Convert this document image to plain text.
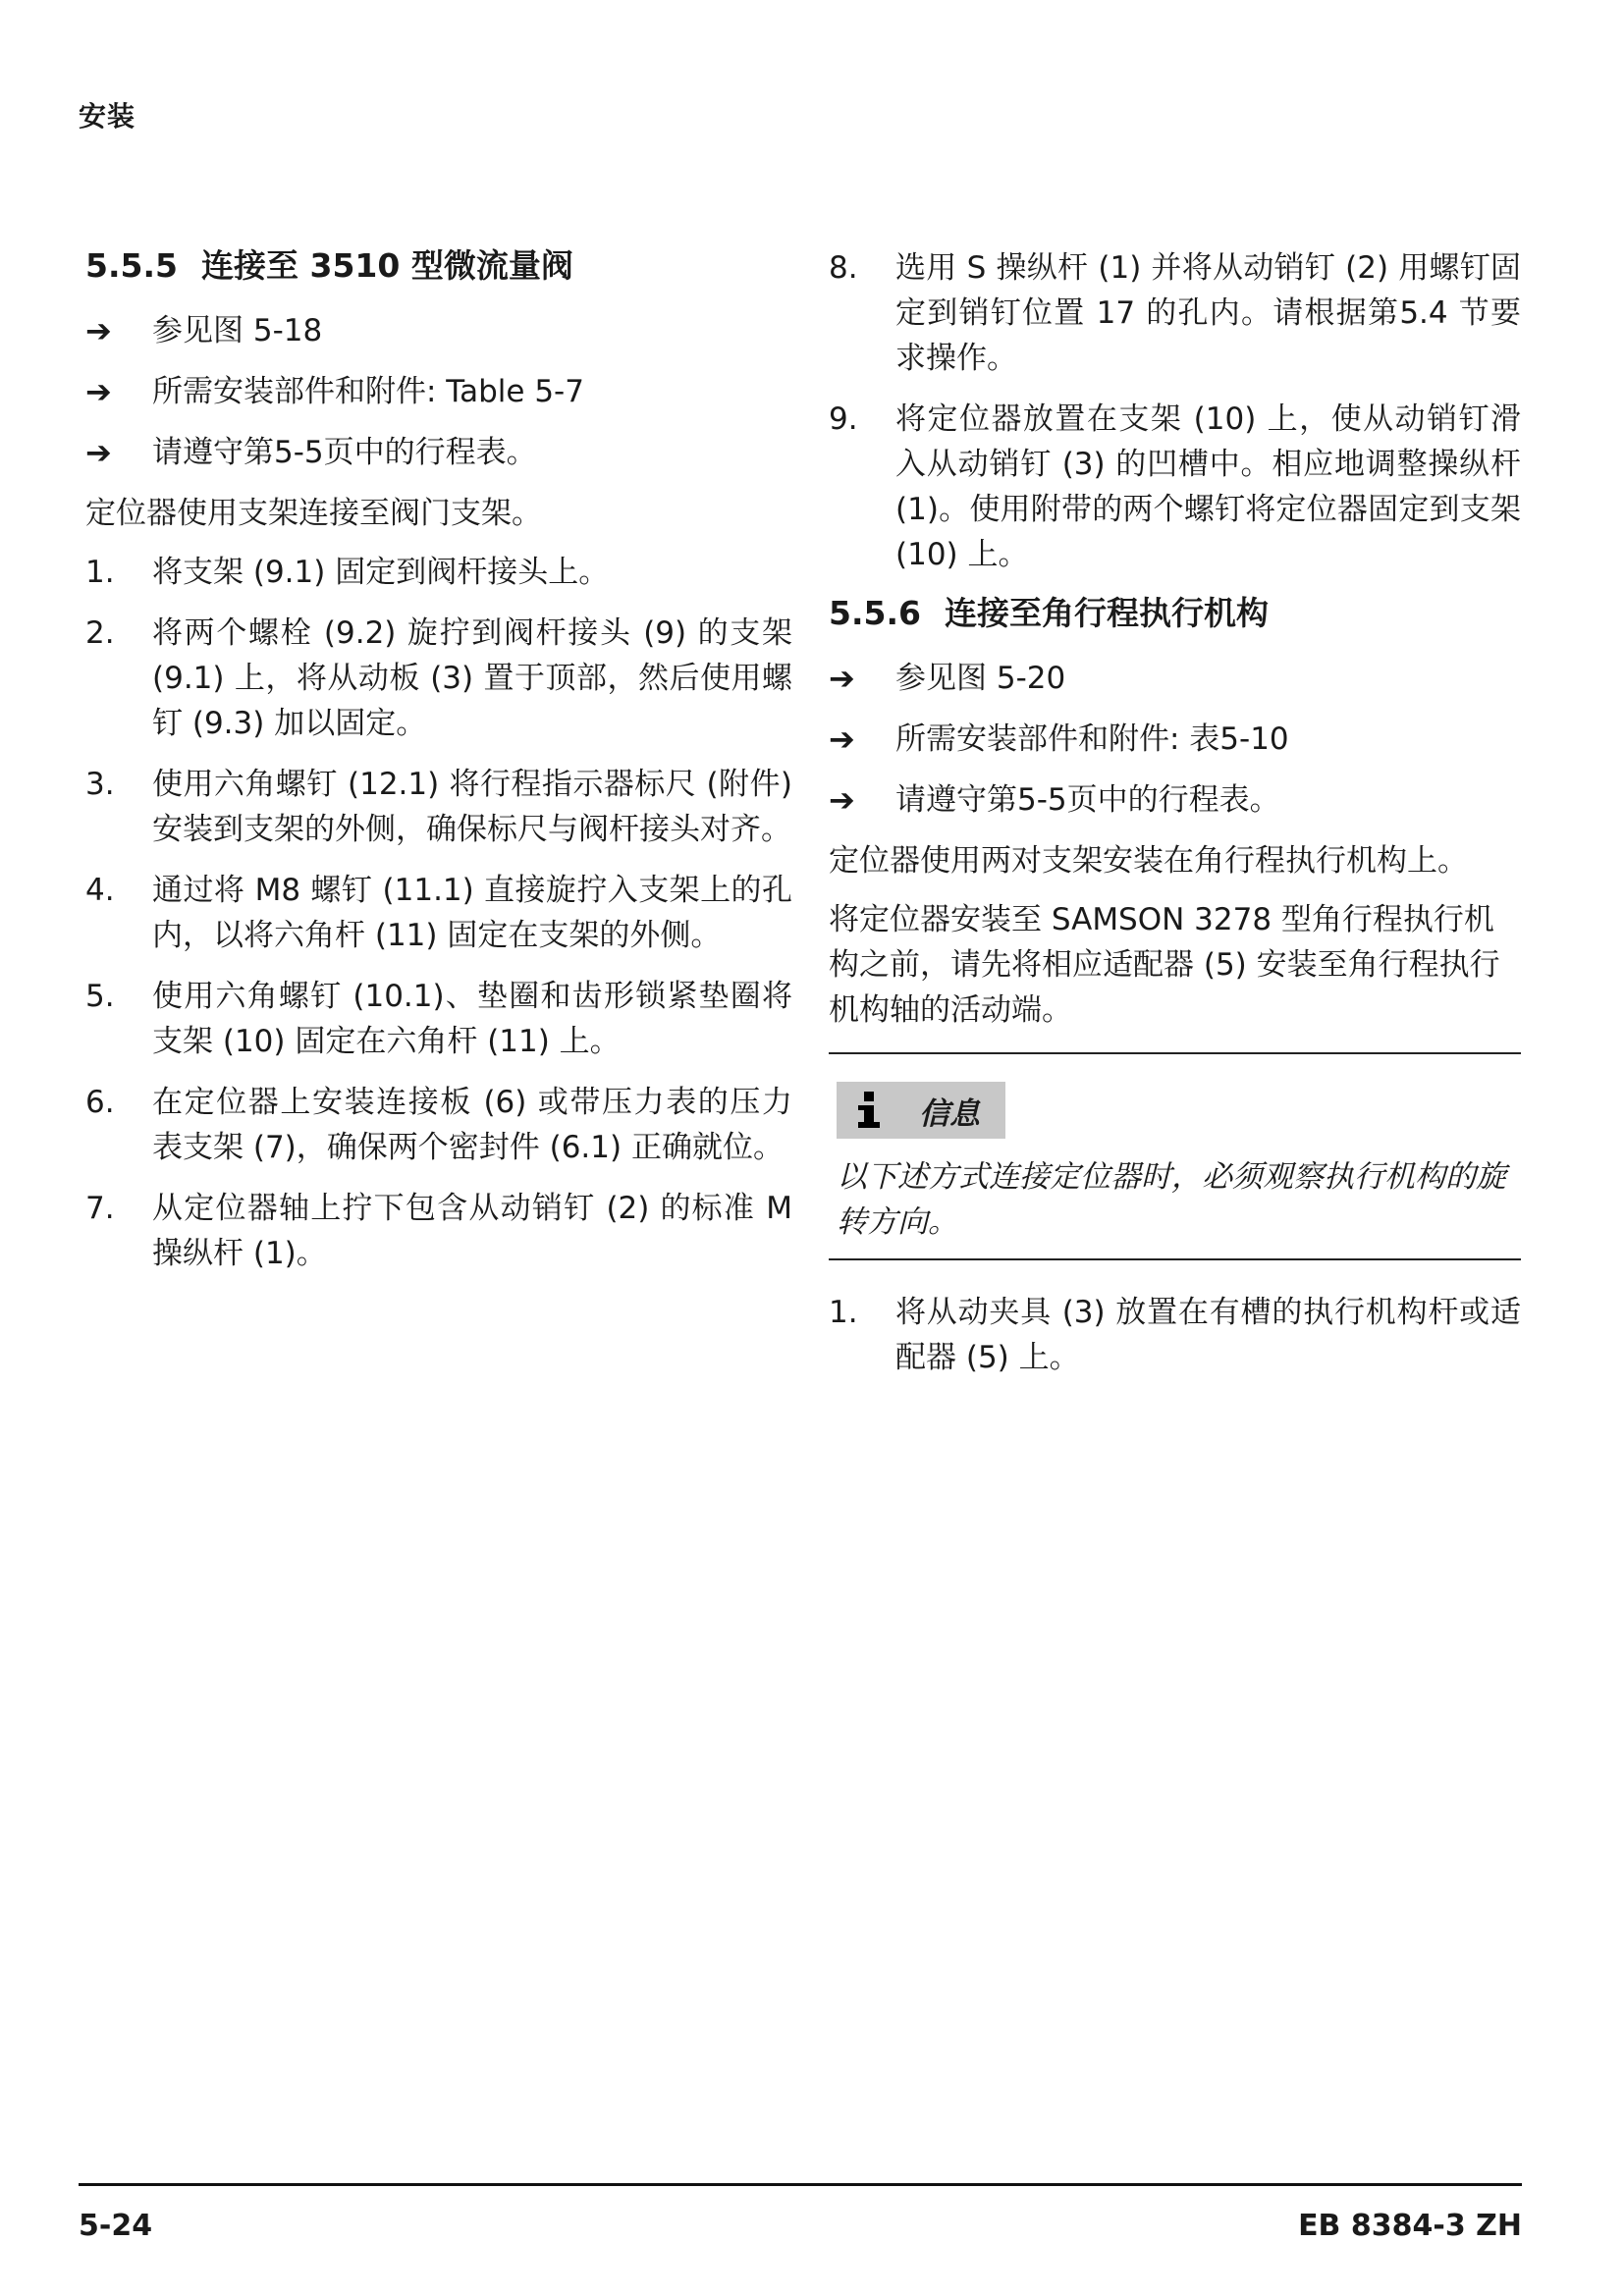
安装
5.5.5 连接至 3510 型微流量阀
➔	参见图 5-18
➔	所需安装部件和附件: Table 5-7
➔	请遵守第5-5页中的行程表。
定位器使用支架连接至阀门支架。
1.	将支架 (9.1) 固定到阀杆接头上。
2.	将两个螺栓 (9.2) 旋拧到阀杆接头 (9) 的支架 (9.1) 上，将从动板 (3) 置于顶部，然后使用螺钉 (9.3) 加以固定。
3.	使用六角螺钉 (12.1) 将行程指示器标尺 (附件) 安装到支架的外侧，确保标尺与阀杆接头对齐。
4.	通过将 M8 螺钉 (11.1) 直接旋拧入支架上的孔内，以将六角杆 (11) 固定在支架的外侧。
5.	使用六角螺钉 (10.1)、垫圈和齿形锁紧垫圈将支架 (10) 固定在六角杆 (11) 上。
6.	在定位器上安装连接板 (6) 或带压力表的压力表支架 (7)，确保两个密封件 (6.1) 正确就位。
7.	从定位器轴上拧下包含从动销钉 (2) 的标准 M 操纵杆 (1)。
8.	选用 S 操纵杆 (1) 并将从动销钉 (2) 用螺钉固定到销钉位置 17 的孔内。请根据第5.4 节要求操作。
9.	将定位器放置在支架 (10) 上，使从动销钉滑入从动销钉 (3) 的凹槽中。相应地调整操纵杆 (1)。使用附带的两个螺钉将定位器固定到支架 (10) 上。
5.5.6 连接至角行程执行机构
➔	参见图 5-20
➔	所需安装部件和附件: 表5-10
➔	请遵守第5-5页中的行程表。
定位器使用两对支架安装在角行程执行机构上。
将定位器安装至 SAMSON 3278 型角行程执行机构之前，请先将相应适配器 (5) 安装至角行程执行机构轴的活动端。
信息
以下述方式连接定位器时，必须观察执行机构的旋转方向。
1.	将从动夹具 (3) 放置在有槽的执行机构杆或适配器 (5) 上。
5-24	EB 8384-3 ZH
